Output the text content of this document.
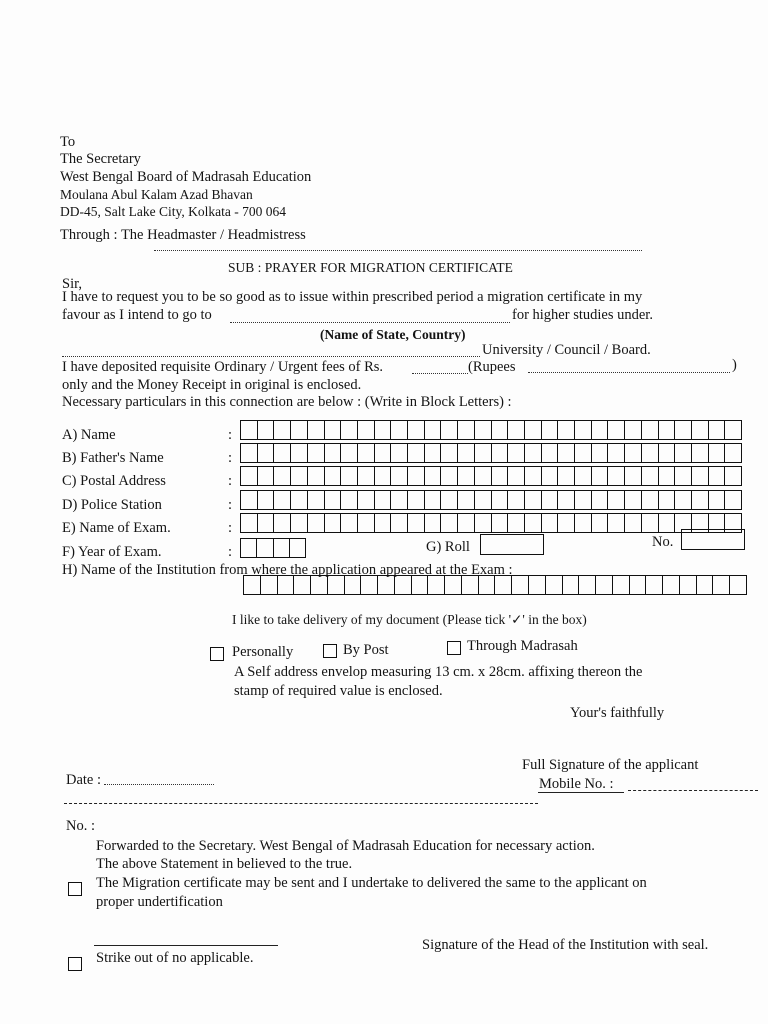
To
The Secretary
West Bengal Board of Madrasah Education
Moulana Abul Kalam Azad Bhavan
DD-45, Salt Lake City, Kolkata - 700 064
Through : The Headmaster / Headmistress
SUB : PRAYER FOR MIGRATION CERTIFICATE
Sir,
I have to request you to be so good as to issue within prescribed period a migration certificate in my
favour as I intend to go to	for higher studies under.
(Name of State, Country)
University / Council / Board.
I have deposited requisite Ordinary / Urgent fees of Rs.	(Rupees	)
only and the Money Receipt in original is enclosed.
Necessary particulars in this connection are below : (Write in Block Letters) :
A) Name	:
B) Father's Name	:
C) Postal Address	:
D) Police Station	:
E) Name of Exam.	:
F) Year of Exam.	:	G) Roll	No.
H) Name of the Institution from where the application appeared at the Exam :
I like to take delivery of my document (Please tick '✓' in the box)
Personally	By Post	Through Madrasah
A Self address envelop measuring 13 cm. x 28cm. affixing thereon the
stamp of required value is enclosed.
Your's faithfully
Full Signature of the applicant
Date :	Mobile No. :
No. :
Forwarded to the Secretary. West Bengal of Madrasah Education for necessary action.
The above Statement in believed to the true.
The Migration certificate may be sent and I undertake to delivered the same to the applicant on
proper undertification
Strike out of no applicable.
Signature of the Head of the Institution with seal.
